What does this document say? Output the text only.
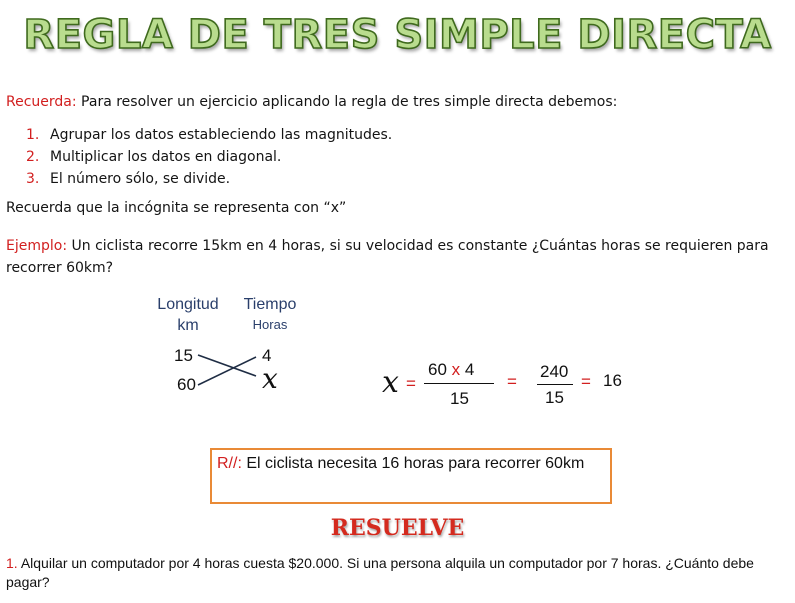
REGLA DE TRES SIMPLE DIRECTA
Recuerda: Para resolver un ejercicio aplicando la regla de tres simple directa debemos:
1. Agrupar los datos estableciendo las magnitudes.
2. Multiplicar los datos en diagonal.
3. El número sólo, se divide.
Recuerda que la incógnita se representa con “x”
Ejemplo: Un ciclista recorre 15km en 4 horas, si su velocidad es constante ¿Cuántas horas se requieren para recorrer 60km?
Longitud
km
Tiempo
Horas
15
60
4
x	x =
60 x 4
15
=
240
15
= 16
R//: El ciclista necesita 16 horas para recorrer 60km
RESUELVE
1. Alquilar un computador por 4 horas cuesta $20.000. Si una persona alquila un computador por 7 horas. ¿Cuánto debe pagar?
